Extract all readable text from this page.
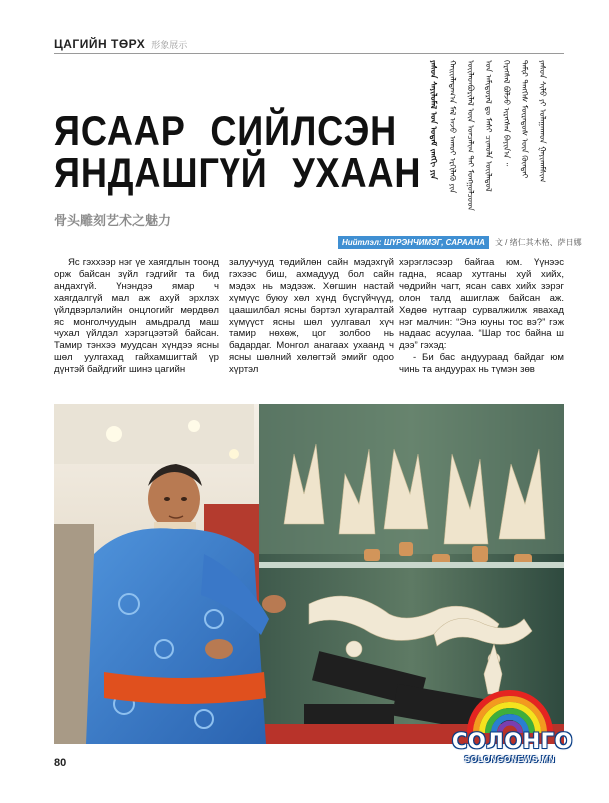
ЦАГИЙН ТӨРХ 形象展示
ᠶᠠᠰᠤᠨ ᠰᠡᠶᠢᠯᠦᠮᠡᠯ ᠤᠨ ᠤᠳᠠᠮ ᠵᠠᠩᠭᠢ ᠶᠢᠨ ᠬᠠᠢᠶ᠋ᠠᠯᠠᠳᠠᠭ᠎ᠠ ᠮᠠᠯ ᠠᠵᠤ ᠠᠬᠤᠢ ᠡᠷᠬᠢᠯᠡᠬᠦ ᠶᠢᠨ ᠦᠢᠯᠡᠳᠪᠦᠷᠢᠯᠡᠯ ᠦᠨ ᠣᠨᠴᠠᠯᠢᠭ ᠲᠠᠢ ᠮᠣᠩᠭᠣᠯᠴᠤᠳ ᠤᠨ ᠠᠮᠢᠳᠤᠷᠠᠯ ᠳᠤ ᠮᠠᠰᠢ ᠴᠢᠬᠤᠯᠠ ᠦᠢᠯᠡᠳᠦᠯ ᠬᠡᠷᠡᠭᠰᠡᠯ ᠪᠣᠯᠵᠤ ᠢᠷᠡᠭᠰᠡᠨ ᠪᠠᠶᠢᠨ᠎ᠠ ᠃ ᠲᠠᠮᠢᠷ ᠲᠡᠩᠭᠡᠰ ᠮᠦᠷᠡᠳᠦᠰ ᠦᠨ ᠬᠥᠨᠳᠡᠢ ᠶᠠᠰᠤᠨ ᠰᠢᠯᠦ ᠶᠢ ᠤᠯᠠᠭᠠᠬᠠᠳ ᠭᠠᠶᠢᠬᠠᠮᠰᠢᠭ
ЯСААР СИЙЛСЭН
ЯНДАШГҮЙ УХААН
骨头雕刻艺术之魅力
Нийтлэл: ШҮРЭНЧИМЭГ, САРААНА	文 / 绪仁其木格、萨日娜

Яс гэххээр нэг үе хаягдлын тоонд орж байсан зүйл гэдгийг та бид андахгүй. Үнэндээ ямар ч хаягдалгүй мал аж ахуй эрхлэх үйлдвэрлэлийн онцлогийг мөрдвөл яс монголчуудын амьдралд маш чухал үйлдэл хэрэгцээтэй байсан. Тамир тэнхээ муудсан хүндээ ясны шөл уулгахад гайхамшигтай үр дүнтэй байдгийг шинэ цагийн

залуучууд төдийлөн сайн мэдэхгүй гэхээс биш, ахмадууд бол сайн мэдэх нь мэдээж. Хөгшин настай хүмүүс буюу хөл хүнд бүсгүйчүүд, цаашилбал ясны бэртэл хугаралтай хүмүүст ясны шөл уулгавал хүч тамир нөхөж, цог золбоо нь бадардаг. Монгол анагаах ухаанд ч ясны шөлний хөлөгтэй эмийг одоо хүртэл

хэрэглэсээр байгаа юм. Үүнээс гадна, ясаар хутганы хуй хийх, чөдрийн чагт, ясан савх хийх зэрэг олон талд ашиглаж байсан аж. Хөдөө нутгаар сурвалжилж явахад нэг малчин: “Энэ юуны тос вэ?” гэж надаас асуулаа. “Шар тос байна ш дээ” гэхэд:

- Би бас андуураад байдаг юм чинь та андуурах нь түмэн зөв

СОЛОНГО
SOLONGONEWS.MN
80
